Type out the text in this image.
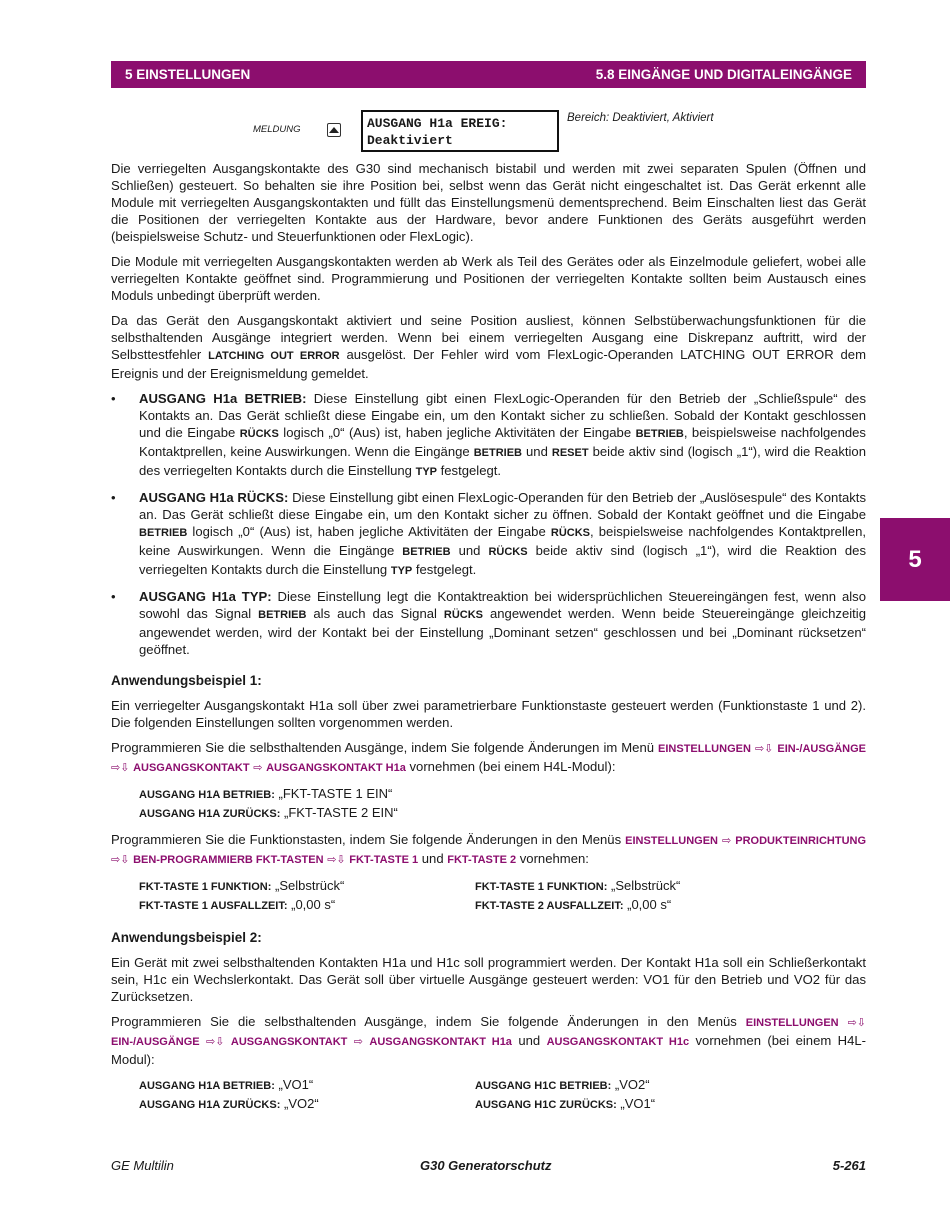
5 EINSTELLUNGEN	5.8 EINGÄNGE UND DIGITALEINGÄNGE
5
MELDUNG	AUSGANG H1a EREIG:
Deaktiviert
Bereich: Deaktiviert, Aktiviert

Die verriegelten Ausgangskontakte des G30 sind mechanisch bistabil und werden mit zwei separaten Spulen (Öffnen und Schließen) gesteuert. So behalten sie ihre Position bei, selbst wenn das Gerät nicht eingeschaltet ist. Das Gerät erkennt alle Module mit verriegelten Ausgangskontakten und füllt das Einstellungsmenü dementsprechend. Beim Einschalten liest das Gerät die Positionen der verriegelten Kontakte aus der Hardware, bevor andere Funktionen des Geräts ausgeführt werden (beispielsweise Schutz- und Steuerfunktionen oder FlexLogic).

Die Module mit verriegelten Ausgangskontakten werden ab Werk als Teil des Gerätes oder als Einzelmodule geliefert, wobei alle verriegelten Kontakte geöffnet sind. Programmierung und Positionen der verriegelten Kontakte sollten beim Austausch eines Moduls unbedingt überprüft werden.

Da das Gerät den Ausgangskontakt aktiviert und seine Position ausliest, können Selbstüberwachungsfunktionen für die selbsthaltenden Ausgänge integriert werden. Wenn bei einem verriegelten Ausgang eine Diskrepanz auftritt, wird der Selbsttestfehler LATCHING OUT ERROR ausgelöst. Der Fehler wird vom FlexLogic-Operanden LATCHING OUT ERROR dem Ereignis und der Ereignismeldung gemeldet.

• AUSGANG H1a BETRIEB: Diese Einstellung gibt einen FlexLogic-Operanden für den Betrieb der „Schließspule“ des Kontakts an. Das Gerät schließt diese Eingabe ein, um den Kontakt sicher zu schließen. Sobald der Kontakt geschlossen und die Eingabe RÜCKS logisch „0“ (Aus) ist, haben jegliche Aktivitäten der Eingabe BETRIEB, beispielsweise nachfolgendes Kontaktprellen, keine Auswirkungen. Wenn die Eingänge BETRIEB und RESET beide aktiv sind (logisch „1“), wird die Reaktion des verriegelten Kontakts durch die Einstellung TYP festgelegt.
• AUSGANG H1a RÜCKS: Diese Einstellung gibt einen FlexLogic-Operanden für den Betrieb der „Auslösespule“ des Kontakts an. Das Gerät schließt diese Eingabe ein, um den Kontakt sicher zu öffnen. Sobald der Kontakt geöffnet und die Eingabe BETRIEB logisch „0“ (Aus) ist, haben jegliche Aktivitäten der Eingabe RÜCKS, beispielsweise nachfolgendes Kontaktprellen, keine Auswirkungen. Wenn die Eingänge BETRIEB und RÜCKS beide aktiv sind (logisch „1“), wird die Reaktion des verriegelten Kontakts durch die Einstellung TYP festgelegt.
• AUSGANG H1a TYP: Diese Einstellung legt die Kontaktreaktion bei widersprüchlichen Steuereingängen fest, wenn also sowohl das Signal BETRIEB als auch das Signal RÜCKS angewendet werden. Wenn beide Steuereingänge gleichzeitig angewendet werden, wird der Kontakt bei der Einstellung „Dominant setzen“ geschlossen und bei „Dominant rücksetzen“ geöffnet.
Anwendungsbeispiel 1:

Ein verriegelter Ausgangskontakt H1a soll über zwei parametrierbare Funktionstaste gesteuert werden (Funktionstaste 1 und 2). Die folgenden Einstellungen sollten vorgenommen werden.

Programmieren Sie die selbsthaltenden Ausgänge, indem Sie folgende Änderungen im Menü EINSTELLUNGEN ⇨⇩ EIN-/AUSGÄNGE ⇨⇩ AUSGANGSKONTAKT ⇨ AUSGANGSKONTAKT H1a vornehmen (bei einem H4L-Modul):

AUSGANG H1A BETRIEB: „FKT-TASTE 1 EIN“
AUSGANG H1A ZURÜCKS: „FKT-TASTE 2 EIN“

Programmieren Sie die Funktionstasten, indem Sie folgende Änderungen in den Menüs EINSTELLUNGEN ⇨ PRODUKTEINRICHTUNG ⇨⇩ BEN-PROGRAMMIERB FKT-TASTEN ⇨⇩ FKT-TASTE 1 und FKT-TASTE 2 vornehmen:

FKT-TASTE 1 FUNKTION: „Selbstrück“	FKT-TASTE 1 FUNKTION: „Selbstrück“
FKT-TASTE 1 AUSFALLZEIT: „0,00 s“	FKT-TASTE 2 AUSFALLZEIT: „0,00 s“
Anwendungsbeispiel 2:

Ein Gerät mit zwei selbsthaltenden Kontakten H1a und H1c soll programmiert werden. Der Kontakt H1a soll ein Schließerkontakt sein, H1c ein Wechslerkontakt. Das Gerät soll über virtuelle Ausgänge gesteuert werden: VO1 für den Betrieb und VO2 für das Zurücksetzen.

Programmieren Sie die selbsthaltenden Ausgänge, indem Sie folgende Änderungen in den Menüs EINSTELLUNGEN ⇨⇩ EIN-/AUSGÄNGE ⇨⇩ AUSGANGSKONTAKT ⇨ AUSGANGSKONTAKT H1a und AUSGANGSKONTAKT H1c vornehmen (bei einem H4L-Modul):

AUSGANG H1A BETRIEB: „VO1“	AUSGANG H1C BETRIEB: „VO2“
AUSGANG H1A ZURÜCKS: „VO2“	AUSGANG H1C ZURÜCKS: „VO1“
GE Multilin	G30 Generatorschutz	5-261
